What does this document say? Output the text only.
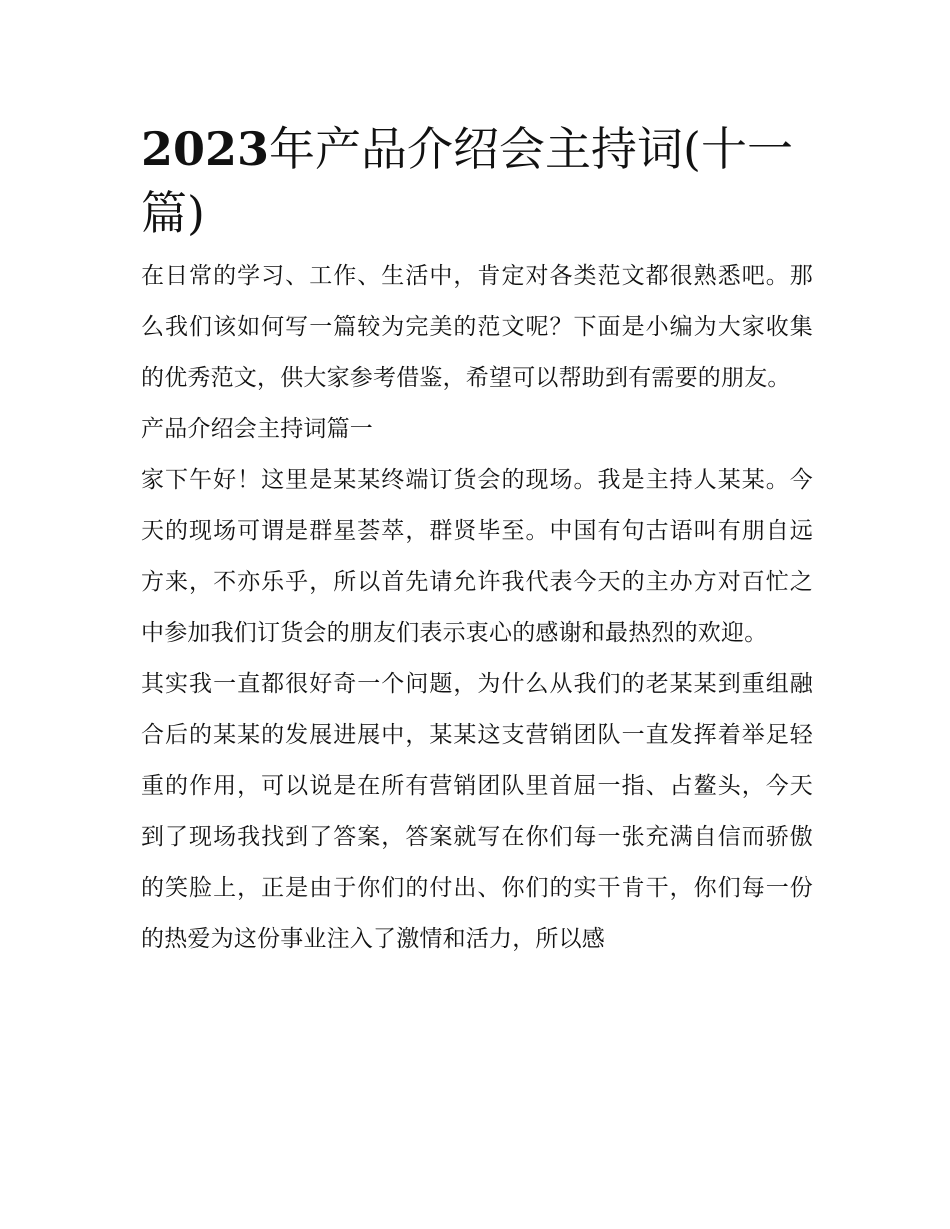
2023年产品介绍会主持词(十一篇)

在日常的学习、工作、生活中，肯定对各类范文都很熟悉吧。那么我们该如何写一篇较为完美的范文呢？下面是小编为大家收集的优秀范文，供大家参考借鉴，希望可以帮助到有需要的朋友。

产品介绍会主持词篇一

家下午好！这里是某某终端订货会的现场。我是主持人某某。今天的现场可谓是群星荟萃，群贤毕至。中国有句古语叫有朋自远方来，不亦乐乎，所以首先请允许我代表今天的主办方对百忙之中参加我们订货会的朋友们表示衷心的感谢和最热烈的欢迎。

其实我一直都很好奇一个问题，为什么从我们的老某某到重组融合后的某某的发展进展中，某某这支营销团队一直发挥着举足轻重的作用，可以说是在所有营销团队里首屈一指、占鳌头，今天到了现场我找到了答案，答案就写在你们每一张充满自信而骄傲的笑脸上，正是由于你们的付出、你们的实干肯干，你们每一份的热爱为这份事业注入了激情和活力，所以感
